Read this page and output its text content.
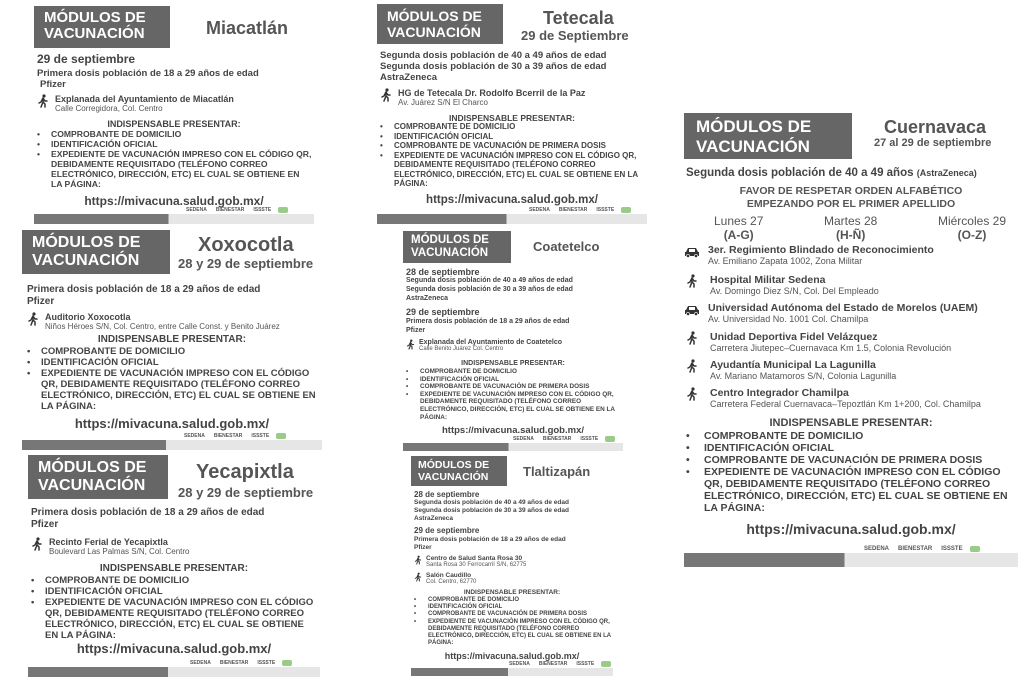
MÓDULOS DE VACUNACIÓN	Miacatlán
29 de septiembre
Primera dosis población de 18 a 29 años de edad
Pfizer
Explanada del Ayuntamiento de Miacatlán
Calle Corregidora, Col. Centro
INDISPENSABLE PRESENTAR:
• COMPROBANTE DE DOMICILIO
• IDENTIFICACIÓN OFICIAL
• EXPEDIENTE DE VACUNACIÓN IMPRESO CON EL CÓDIGO QR, DEBIDAMENTE REQUISITADO (TELÉFONO CORREO ELECTRÓNICO, DIRECCIÓN, ETC) EL CUAL SE OBTIENE EN LA PÁGINA:
https://mivacuna.salud.gob.mx/
SEDENA	BIENESTAR	ISSSTE
MÓDULOS DE VACUNACIÓN
Xoxocotla
28 y 29 de septiembre
Primera dosis población de 18 a 29 años de edad
Pfizer
Auditorio Xoxocotla
Niños Héroes S/N, Col. Centro, entre Calle Const. y Benito Juárez
INDISPENSABLE PRESENTAR:
• COMPROBANTE DE DOMICILIO
• IDENTIFICACIÓN OFICIAL
• EXPEDIENTE DE VACUNACIÓN IMPRESO CON EL CÓDIGO QR, DEBIDAMENTE REQUISITADO (TELÉFONO CORREO ELECTRÓNICO, DIRECCIÓN, ETC) EL CUAL SE OBTIENE EN LA PÁGINA:
https://mivacuna.salud.gob.mx/
SEDENA	BIENESTAR	ISSSTE
MÓDULOS DE VACUNACIÓN
Yecapixtla
28 y 29 de septiembre
Primera dosis población de 18 a 29 años de edad
Pfizer
Recinto Ferial de Yecapixtla
Boulevard Las Palmas S/N, Col. Centro
INDISPENSABLE PRESENTAR:
• COMPROBANTE DE DOMICILIO
• IDENTIFICACIÓN OFICIAL
• EXPEDIENTE DE VACUNACIÓN IMPRESO CON EL CÓDIGO QR, DEBIDAMENTE REQUISITADO (TELÉFONO CORREO ELECTRÓNICO, DIRECCIÓN, ETC) EL CUAL SE OBTIENE EN LA PÁGINA:
https://mivacuna.salud.gob.mx/
SEDENA	BIENESTAR	ISSSTE
MÓDULOS DE VACUNACIÓN
Tetecala
29 de Septiembre
Segunda dosis población de 40 a 49 años de edad
Segunda dosis población de 30 a 39 años de edad
AstraZeneca
HG de Tetecala Dr. Rodolfo Bcerril de la Paz
Av. Juárez S/N El Charco
INDISPENSABLE PRESENTAR:
• COMPROBANTE DE DOMICILIO
• IDENTIFICACIÓN OFICIAL
• COMPROBANTE DE VACUNACIÓN DE PRIMERA DOSIS
• EXPEDIENTE DE VACUNACIÓN IMPRESO CON EL CÓDIGO QR, DEBIDAMENTE REQUISITADO (TELÉFONO CORREO ELECTRÓNICO, DIRECCIÓN, ETC) EL CUAL SE OBTIENE EN LA PÁGINA:
https://mivacuna.salud.gob.mx/
SEDENA	BIENESTAR	ISSSTE
MÓDULOS DE VACUNACIÓN	Coatetelco
28 de septiembre
Segunda dosis población de 40 a 49 años de edad
Segunda dosis población de 30 a 39 años de edad
AstraZeneca
29 de septiembre
Primera dosis población de 18 a 29 años de edad
Pfizer
Explanada del Ayuntamiento de Coatetelco
Calle Benito Juárez Col. Centro
INDISPENSABLE PRESENTAR:
• COMPROBANTE DE DOMICILIO
• IDENTIFICACIÓN OFICIAL
• COMPROBANTE DE VACUNACIÓN DE PRIMERA DOSIS
• EXPEDIENTE DE VACUNACIÓN IMPRESO CON EL CÓDIGO QR, DEBIDAMENTE REQUISITADO (TELÉFONO CORREO ELECTRÓNICO, DIRECCIÓN, ETC) EL CUAL SE OBTIENE EN LA PÁGINA:
https://mivacuna.salud.gob.mx/
SEDENA	BIENESTAR	ISSSTE
MÓDULOS DE VACUNACIÓN	Tlaltizapán
28 de septiembre
Segunda dosis población de 40 a 49 años de edad
Segunda dosis población de 30 a 39 años de edad
AstraZeneca
29 de septiembre
Primera dosis población de 18 a 29 años de edad
Pfizer
Centro de Salud Santa Rosa 30
Santa Rosa 30 Ferrocarril S/N, 62775
Salón Caudillo
Col. Centro, 62770
INDISPENSABLE PRESENTAR:
• COMPROBANTE DE DOMICILIO
• IDENTIFICACIÓN OFICIAL
• COMPROBANTE DE VACUNACIÓN DE PRIMERA DOSIS
• EXPEDIENTE DE VACUNACIÓN IMPRESO CON EL CÓDIGO QR, DEBIDAMENTE REQUISITADO (TELÉFONO CORREO ELECTRÓNICO, DIRECCIÓN, ETC) EL CUAL SE OBTIENE EN LA PÁGINA:
https://mivacuna.salud.gob.mx/
SEDENA	BIENESTAR	ISSSTE
MÓDULOS DE VACUNACIÓN
Cuernavaca
27 al 29 de septiembre
Segunda dosis población de 40 a 49 años (AstraZeneca)
FAVOR DE RESPETAR ORDEN ALFABÉTICO
EMPEZANDO POR EL PRIMER APELLIDO
Lunes 27
(A-G)
Martes 28
(H-Ñ)
Miércoles 29
(O-Z)
3er. Regimiento Blindado de Reconocimiento
Av. Emiliano Zapata 1002, Zona Militar
Hospital Militar Sedena
Av. Domingo Diez S/N, Col. Del Empleado
Universidad Autónoma del Estado de Morelos (UAEM)
Av. Universidad No. 1001 Col. Chamilpa
Unidad Deportiva Fidel Velázquez
Carretera Jiutepec–Cuernavaca Km 1.5, Colonia Revolución
Ayudantía Municipal La Lagunilla
Av. Mariano Matamoros S/N, Colonia Lagunilla
Centro Integrador Chamilpa
Carretera Federal Cuernavaca–Tepoztlán Km 1+200, Col. Chamilpa
INDISPENSABLE PRESENTAR:
• COMPROBANTE DE DOMICILIO
• IDENTIFICACIÓN OFICIAL
• COMPROBANTE DE VACUNACIÓN DE PRIMERA DOSIS
• EXPEDIENTE DE VACUNACIÓN IMPRESO CON EL CÓDIGO QR, DEBIDAMENTE REQUISITADO (TELÉFONO CORREO ELECTRÓNICO, DIRECCIÓN, ETC) EL CUAL SE OBTIENE EN LA PÁGINA:
https://mivacuna.salud.gob.mx/
SEDENA	BIENESTAR	ISSSTE
